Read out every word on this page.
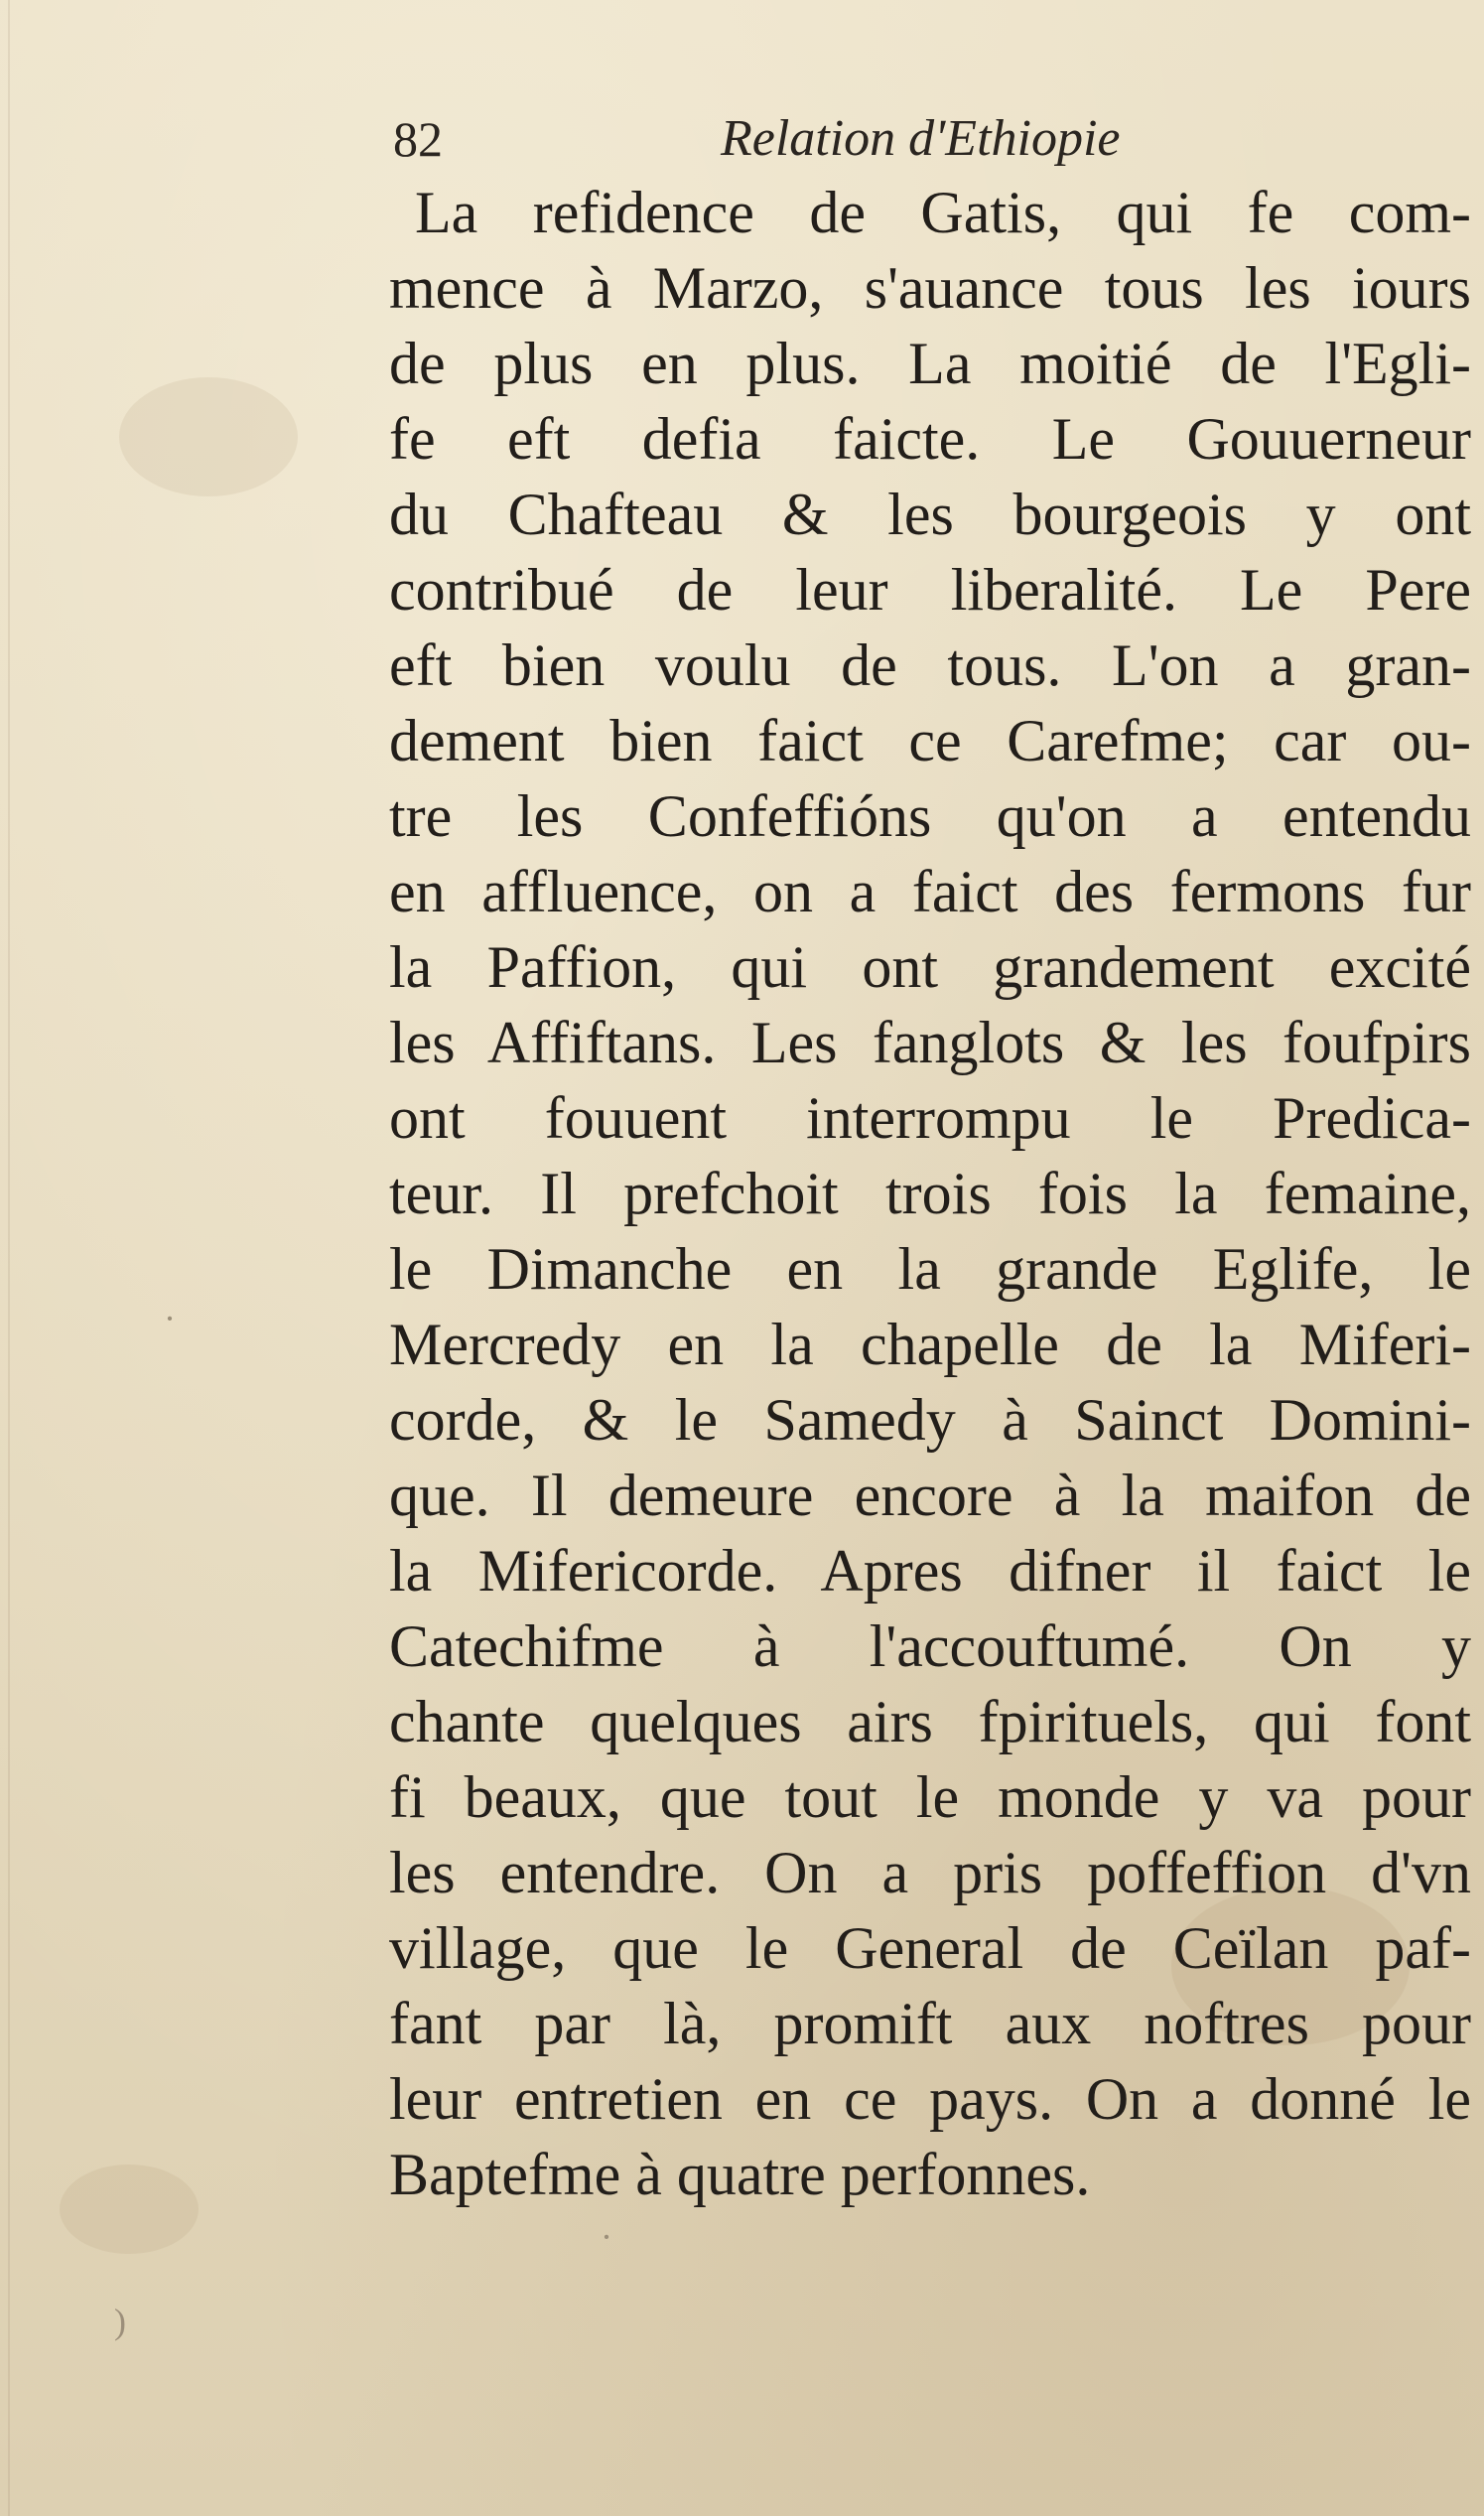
·
·
)
82	Relation d'Ethiopie
La refidence de Gatis, qui fe com-
mence à Marzo, s'auance tous les iours
de plus en plus. La moitié de l'Egli-
fe eft defia faicte. Le Gouuerneur
du Chafteau & les bourgeois y ont
contribué de leur liberalité. Le Pere
eft bien voulu de tous. L'on a gran-
dement bien faict ce Carefme; car ou-
tre les Confeffións qu'on a entendu
en affluence, on a faict des fermons fur
la Paffion, qui ont grandement excité
les Affiftans. Les fanglots & les foufpirs
ont fouuent interrompu le Predica-
teur. Il prefchoit trois fois la femaine,
le Dimanche en la grande Eglife, le
Mercredy en la chapelle de la Miferi-
corde, & le Samedy à Sainct Domini-
que. Il demeure encore à la maifon de
la Mifericorde. Apres difner il faict le
Catechifme à l'accouftumé. On y
chante quelques airs fpirituels, qui font
fi beaux, que tout le monde y va pour
les entendre. On a pris poffeffion d'vn
village, que le General de Ceïlan paf-
fant par là, promift aux noftres pour
leur entretien en ce pays. On a donné le
Baptefme à quatre perfonnes.
